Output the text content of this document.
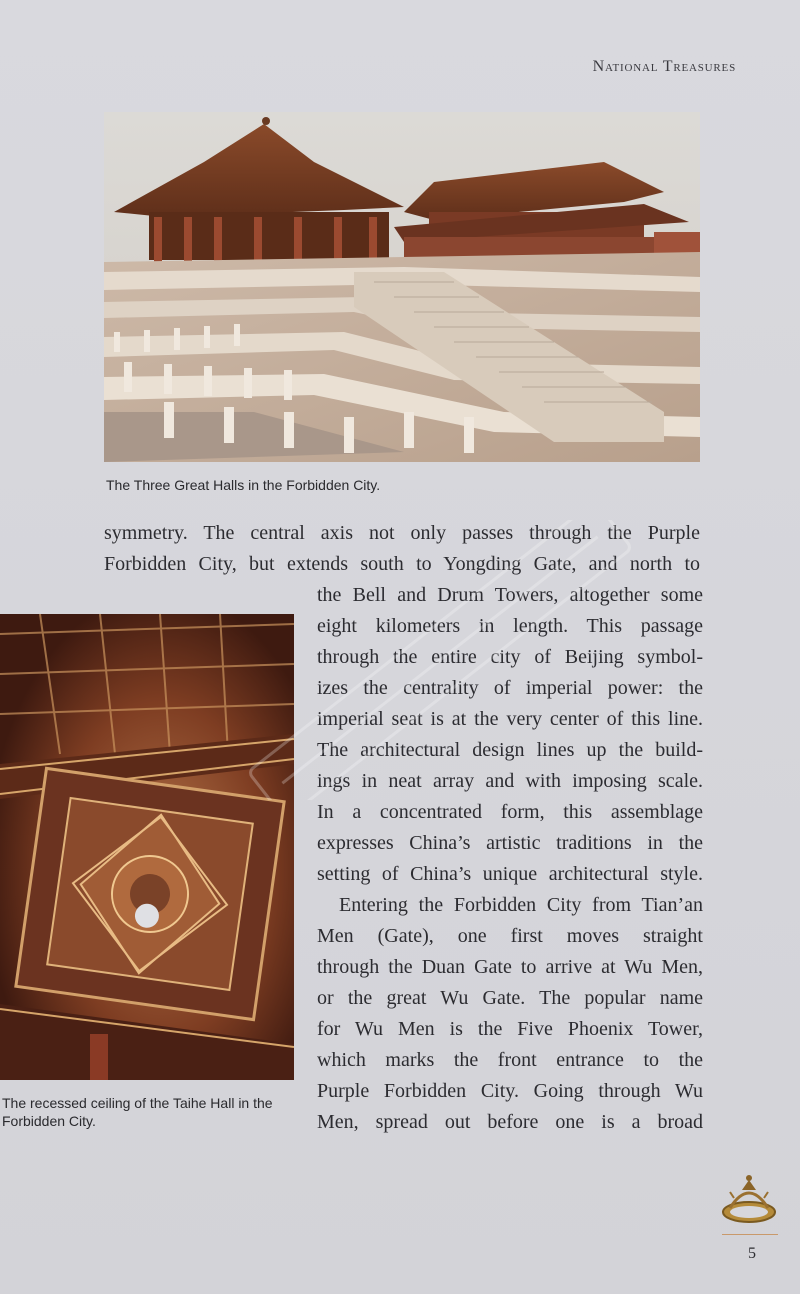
National Treasures
The Three Great Halls in the Forbidden City.
symmetry. The central axis not only passes through the Purple
Forbidden City, but extends south to Yongding Gate, and north to
The recessed ceiling of the Taihe Hall in the
Forbidden City.
the Bell and Drum Towers, altogether some
eight kilometers in length. This passage
through the entire city of Beijing symbol-
izes the centrality of imperial power: the
imperial seat is at the very center of this line.
The architectural design lines up the build-
ings in neat array and with imposing scale.
In a concentrated form, this assemblage
expresses China’s artistic traditions in the
setting of China’s unique architectural style.
Entering the Forbidden City from Tian’an
Men (Gate), one first moves straight
through the Duan Gate to arrive at Wu Men,
or the great Wu Gate. The popular name
for Wu Men is the Five Phoenix Tower,
which marks the front entrance to the
Purple Forbidden City. Going through Wu
Men, spread out before one is a broad
5
